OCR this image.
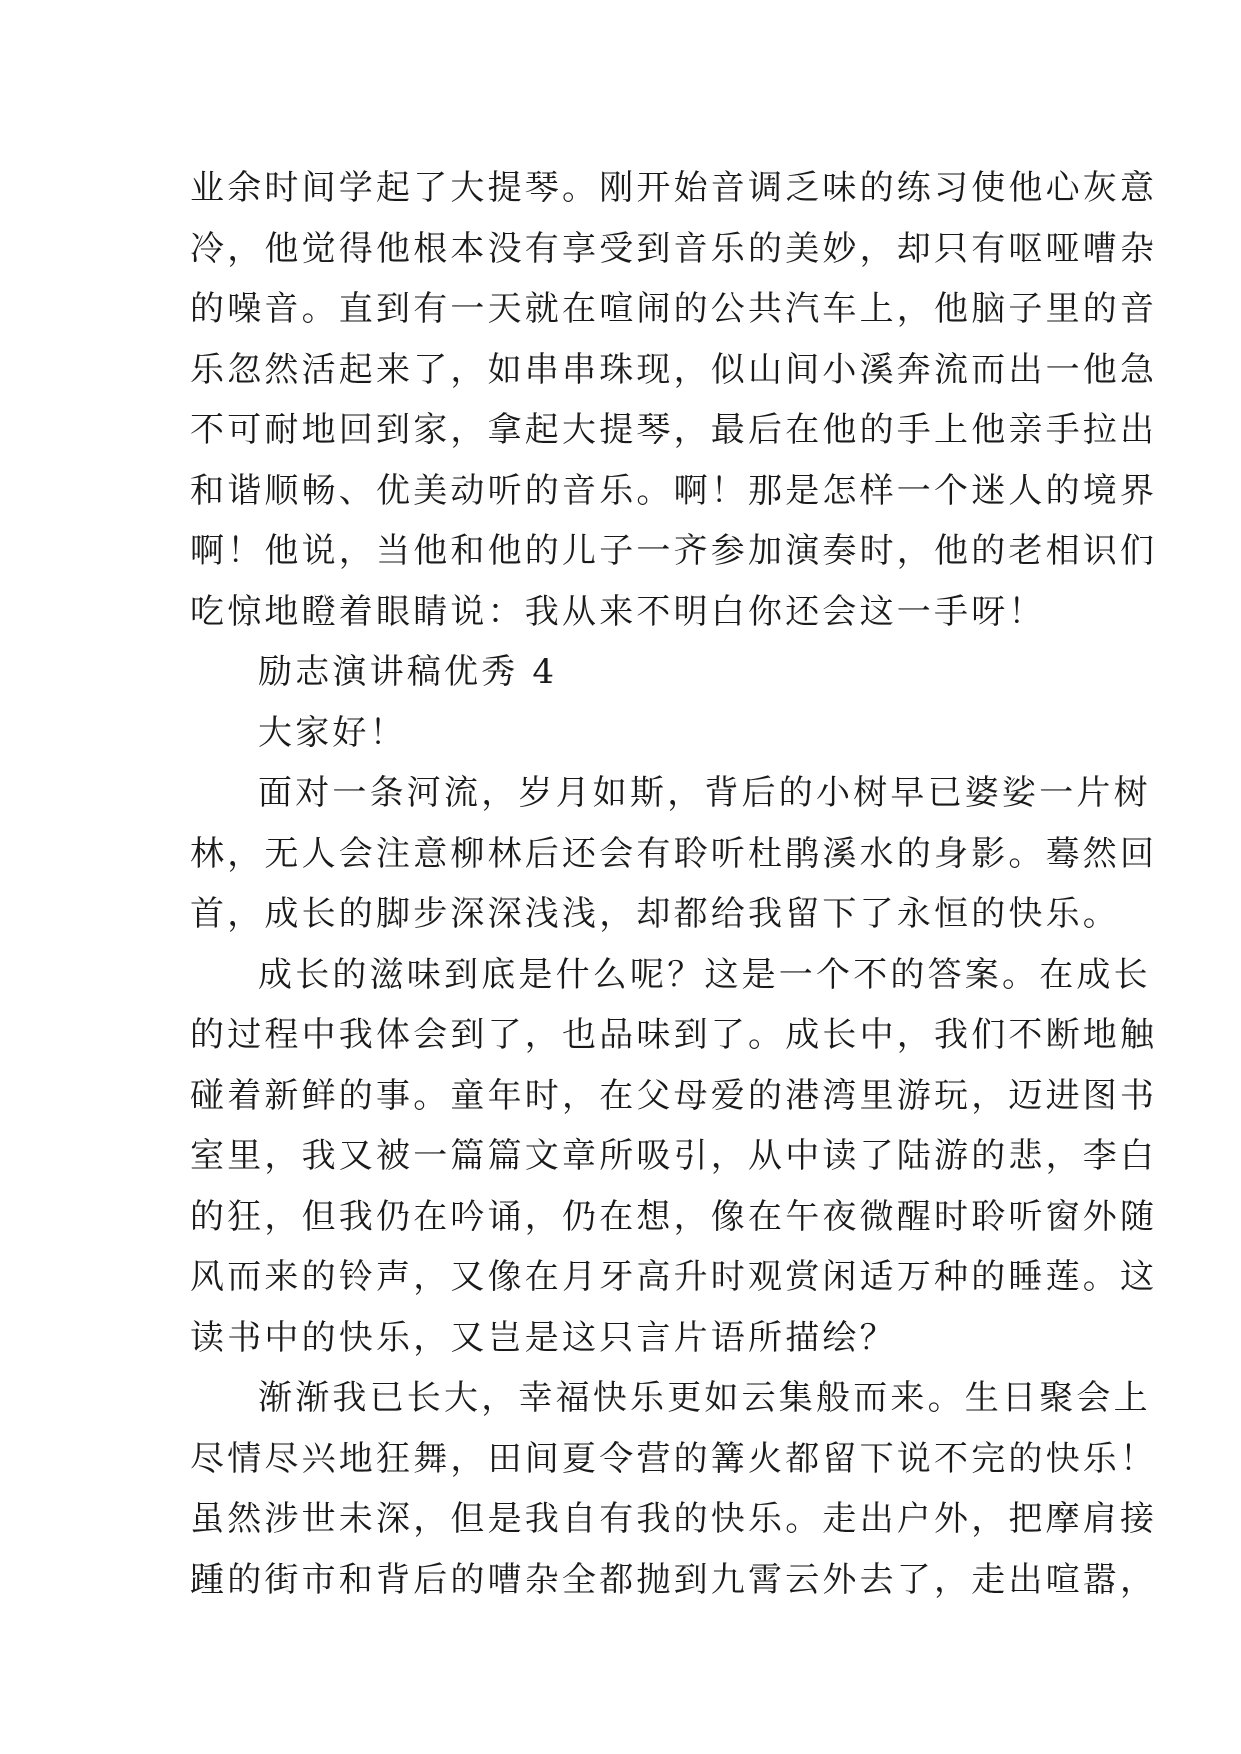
业余时间学起了大提琴。刚开始音调乏味的练习使他心灰意
冷，他觉得他根本没有享受到音乐的美妙，却只有呕哑嘈杂
的噪音。直到有一天就在喧闹的公共汽车上，他脑子里的音
乐忽然活起来了，如串串珠现，似山间小溪奔流而出一他急
不可耐地回到家，拿起大提琴，最后在他的手上他亲手拉出
和谐顺畅、优美动听的音乐。啊！那是怎样一个迷人的境界
啊！他说，当他和他的儿子一齐参加演奏时，他的老相识们
吃惊地瞪着眼睛说：我从来不明白你还会这一手呀！
励志演讲稿优秀 4
大家好！
面对一条河流，岁月如斯，背后的小树早已婆娑一片树
林，无人会注意柳林后还会有聆听杜鹃溪水的身影。蓦然回
首，成长的脚步深深浅浅，却都给我留下了永恒的快乐。
成长的滋味到底是什么呢？这是一个不的答案。在成长
的过程中我体会到了，也品味到了。成长中，我们不断地触
碰着新鲜的事。童年时，在父母爱的港湾里游玩，迈进图书
室里，我又被一篇篇文章所吸引，从中读了陆游的悲，李白
的狂，但我仍在吟诵，仍在想，像在午夜微醒时聆听窗外随
风而来的铃声，又像在月牙高升时观赏闲适万种的睡莲。这
读书中的快乐，又岂是这只言片语所描绘？
渐渐我已长大，幸福快乐更如云集般而来。生日聚会上
尽情尽兴地狂舞，田间夏令营的篝火都留下说不完的快乐！
虽然涉世未深，但是我自有我的快乐。走出户外，把摩肩接
踵的街市和背后的嘈杂全都抛到九霄云外去了，走出喧嚣，
